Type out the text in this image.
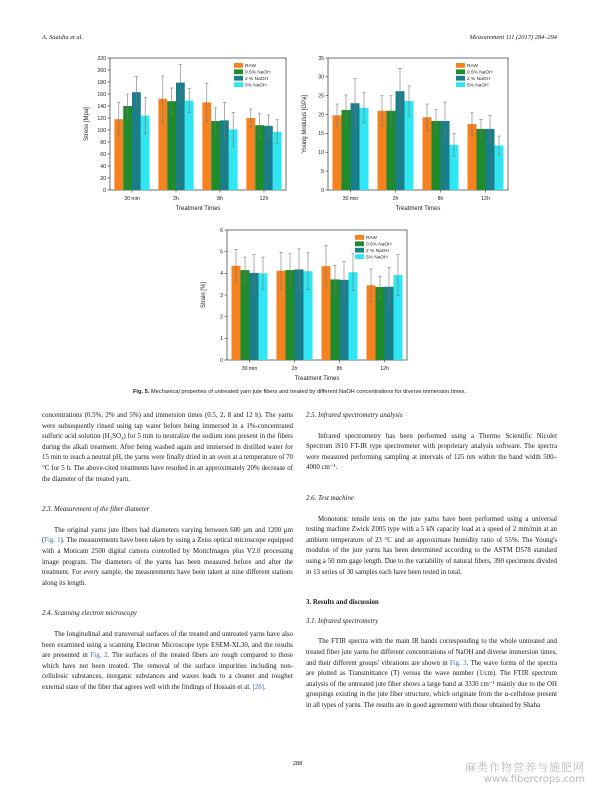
A. Saaidia et al.	Measurement 111 (2017) 284–294
0
20
40
60
80
100
120
140
160
180
200
220
Stress [Mpa]
30 min	2h	8h	12h
Treatment Times
RAW
0.5% NaOH
2 % NaOH
5% NaOH
0
5
10
15
20
25
30
35
Young Modulus [GPa]
30 min	2h	8h	12h
Treatment Times
RAW
0.5% NaOH
2 % NaOH
5% NaOH
0
1
2
3
4
5
6
Strain [%]
30 min	2h	8h	12h
Treatment Times
RAW
0.5% NaOH
2 % NaOH
5% NaOH
Fig. 5. Mechanical properties of untreated yarn jute fibers and treated by different NaOH concentrations for diverse immersion times.

concentrations (0.5%, 2% and 5%) and immersion times (0.5, 2, 8 and 12 h). The yarns were subsequently rinsed using tap water before being immersed in a 1%-concentrated sulfuric acid solution (H₂SO₄) for 5 min to neutralize the sodium ions present in the fibers during the alkali treatment. After being washed again and immersed in distilled water for 15 min to reach a neutral pH, the yarns were finally dried in an oven at a temperature of 70 °C for 5 h. The above-cited treatments have resulted in an approximately 20% decrease of the diameter of the treated yarn.

2.3. Measurement of the fiber diameter

The original yarns jute fibers had diameters varying between 600 µm and 1200 µm (Fig. 1). The measurements have been taken by using a Zeiss optical microscope equipped with a Moticam 2500 digital camera controlled by MoticImages plus V2.0 processing image program. The diameters of the yarns has been measured before and after the treatment. For every sample, the measurements have been taken at nine different stations along its length.

2.4. Scanning electron microscopy

The longitudinal and transversal surfaces of the treated and untreated yarns have also been examined using a scanning Electron Microscope type ESEM-XL30, and the results are presented in Fig. 2. The surfaces of the treated fibers are rough compared to those which have not been treated. The removal of the surface impurities including non-cellulosic substances, inorganic substances and waxes leads to a cleaner and rougher external state of the fiber that agrees well with the findings of Hossain et al. [28].

2.5. Infrared spectrometry analysis

Infrared spectrometry has been performed using a Thermo Scientific Nicolet Spectrum iS10 FT-IR type spectrometer with proprietary analysis software. The spectra were measured performing sampling at intervals of 125 nm within the band width 500–4000 cm⁻¹.

2.6. Test machine

Monotonic tensile tests on the jute yarns have been performed using a universal testing machine Zwick Z005 type with a 5 kN capacity load at a speed of 2 mm/min at an ambient temperature of 23 °C and an approximate humidity ratio of 55%. The Young's modulus of the jute yarns has been determined according to the ASTM D578 standard using a 50 mm gage length. Due to the variability of natural fibers, 390 specimens divided in 13 series of 30 samples each have been tested in total.

3. Results and discussion

3.1. Infrared spectrometry

The FTIR spectra with the main IR bands corresponding to the whole untreated and treated fiber jute yarns for different concentrations of NaOH and diverse immersion times, and their different groups' vibrations are shown in Fig. 3. The wave forms of the spectra are plotted as Transmittance (T) versus the wave number (1/cm). The FTIR spectrum analysis of the untreated jute fiber shows a large band at 3330 cm⁻¹ mainly due to the OH groupings existing in the jute fiber structure, which originate from the α-cellulose present in all types of yarns. The results are in good agreement with those obtained by Shaha

288	麻类作物营养与施肥网
www.fibercrops.com
